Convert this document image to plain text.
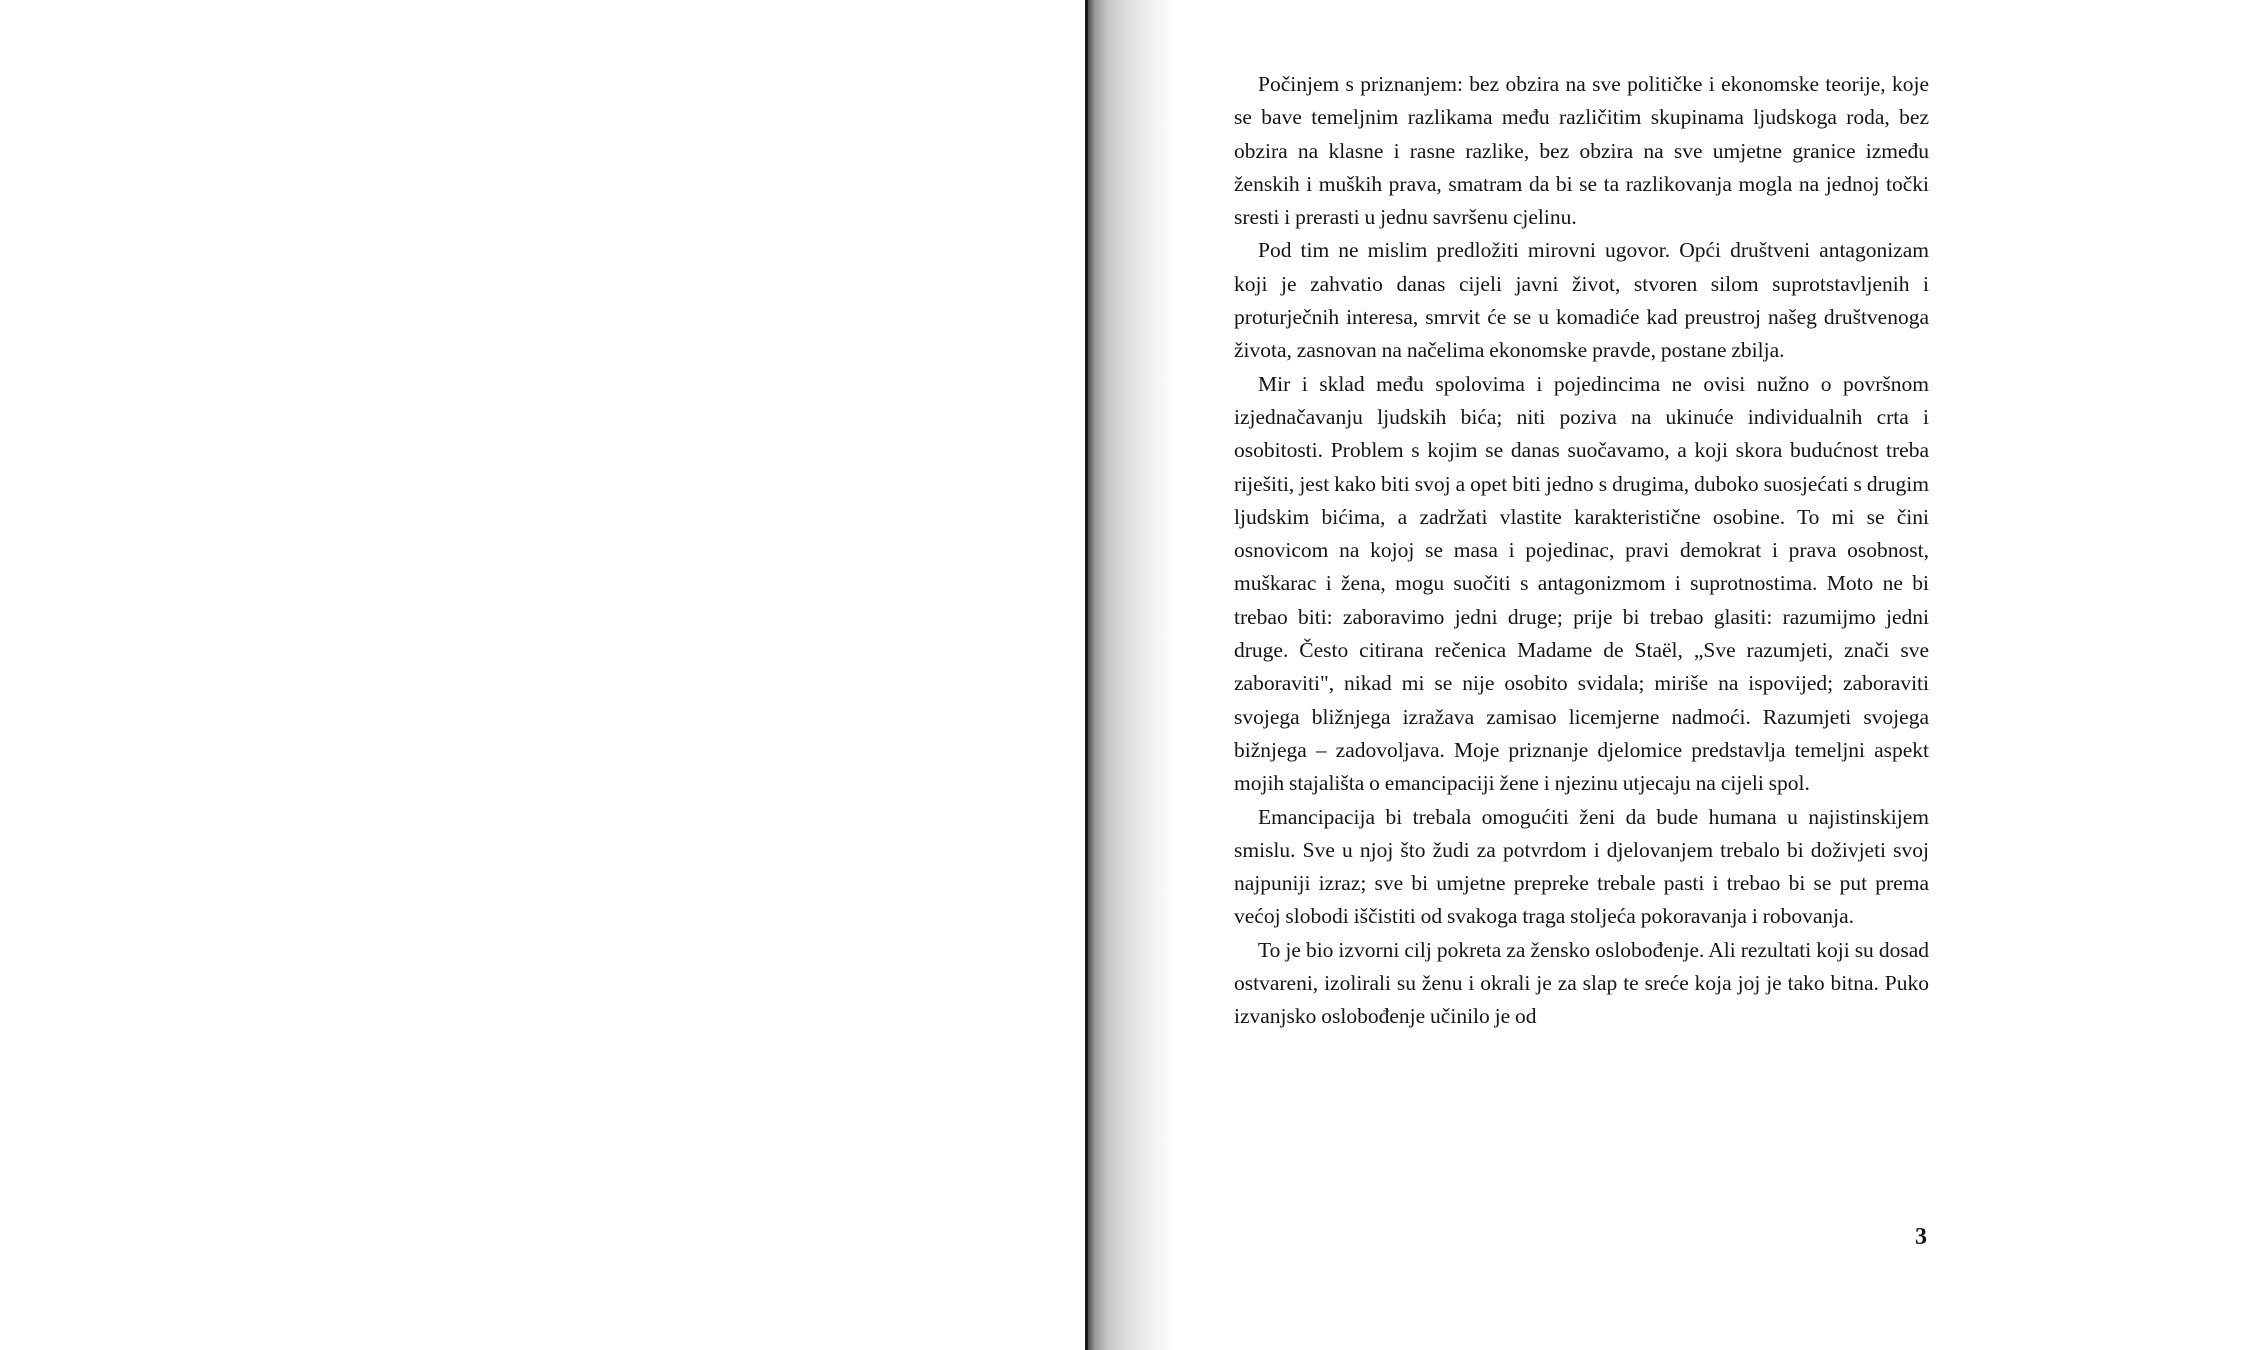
Počinjem s priznanjem: bez obzira na sve političke i ekonomske teorije, koje se bave temeljnim razlikama među različitim skupinama ljudskoga roda, bez obzira na klasne i rasne razlike, bez obzira na sve umjetne granice između ženskih i muških prava, smatram da bi se ta razlikovanja mogla na jednoj točki sresti i prerasti u jednu savršenu cjelinu.

Pod tim ne mislim predložiti mirovni ugovor. Opći društveni antagonizam koji je zahvatio danas cijeli javni život, stvoren silom suprotstavljenih i proturječnih interesa, smrvit će se u komadiće kad preustroj našeg društvenoga života, zasnovan na načelima ekonomske pravde, postane zbilja.

Mir i sklad među spolovima i pojedincima ne ovisi nužno o površnom izjednačavanju ljudskih bića; niti poziva na ukinuće individualnih crta i osobitosti. Problem s kojim se danas suočavamo, a koji skora budućnost treba riješiti, jest kako biti svoj a opet biti jedno s drugima, duboko suosjećati s drugim ljudskim bićima, a zadržati vlastite karakteristične osobine. To mi se čini osnovicom na kojoj se masa i pojedinac, pravi demokrat i prava osobnost, muškarac i žena, mogu suočiti s antagonizmom i suprotnostima. Moto ne bi trebao biti: zaboravimo jedni druge; prije bi trebao glasiti: razumijmo jedni druge. Često citirana rečenica Madame de Staël, „Sve razumjeti, znači sve zaboraviti", nikad mi se nije osobito svidala; miriše na ispovijed; zaboraviti svojega bližnjega izražava zamisao licemjerne nadmoći. Razumjeti svojega bižnjega – zadovoljava. Moje priznanje djelomice predstavlja temeljni aspekt mojih stajališta o emancipaciji žene i njezinu utjecaju na cijeli spol.

Emancipacija bi trebala omogućiti ženi da bude humana u najistinskijem smislu. Sve u njoj što žudi za potvrdom i djelovanjem trebalo bi doživjeti svoj najpuniji izraz; sve bi umjetne prepreke trebale pasti i trebao bi se put prema većoj slobodi iščistiti od svakoga traga stoljeća pokoravanja i robovanja.

To je bio izvorni cilj pokreta za žensko oslobođenje. Ali rezultati koji su dosad ostvareni, izolirali su ženu i okrali je za slap te sreće koja joj je tako bitna. Puko izvanjsko oslobođenje učinilo je od

3
